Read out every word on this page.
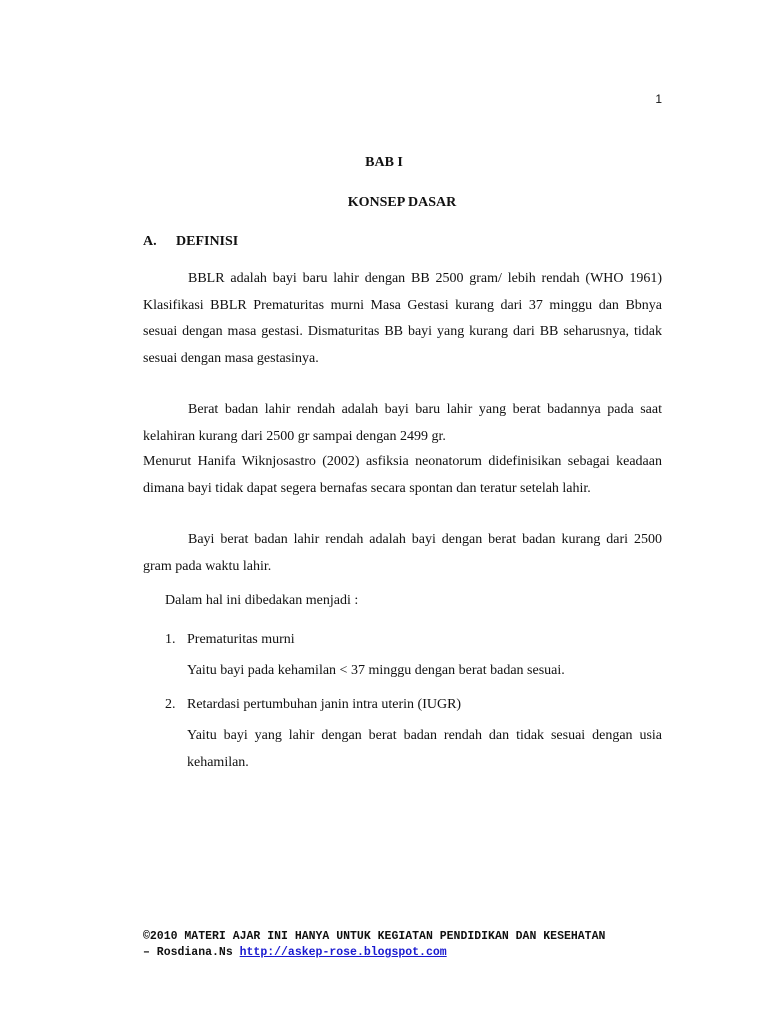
1
BAB I
KONSEP DASAR
A. DEFINISI

BBLR adalah bayi baru lahir dengan BB 2500 gram/ lebih rendah (WHO 1961) Klasifikasi BBLR Prematuritas murni Masa Gestasi kurang dari 37 minggu dan Bbnya sesuai dengan masa gestasi. Dismaturitas BB bayi yang kurang dari BB seharusnya, tidak sesuai dengan masa gestasinya.

Berat badan lahir rendah adalah bayi baru lahir yang berat badannya pada saat kelahiran kurang dari 2500 gr sampai dengan 2499 gr.

Menurut Hanifa Wiknjosastro (2002) asfiksia neonatorum didefinisikan sebagai keadaan dimana bayi tidak dapat segera bernafas secara spontan dan teratur setelah lahir.

Bayi berat badan lahir rendah adalah bayi dengan berat badan kurang dari 2500 gram pada waktu lahir.

Dalam hal ini dibedakan menjadi :

1. Prematuritas murni

Yaitu bayi pada kehamilan < 37 minggu dengan berat badan sesuai.

2. Retardasi pertumbuhan janin intra uterin (IUGR)

Yaitu bayi yang lahir dengan berat badan rendah dan tidak sesuai dengan usia kehamilan.

©2010 MATERI AJAR INI HANYA UNTUK KEGIATAN PENDIDIKAN DAN KESEHATAN
– Rosdiana.Ns http://askep-rose.blogspot.com
